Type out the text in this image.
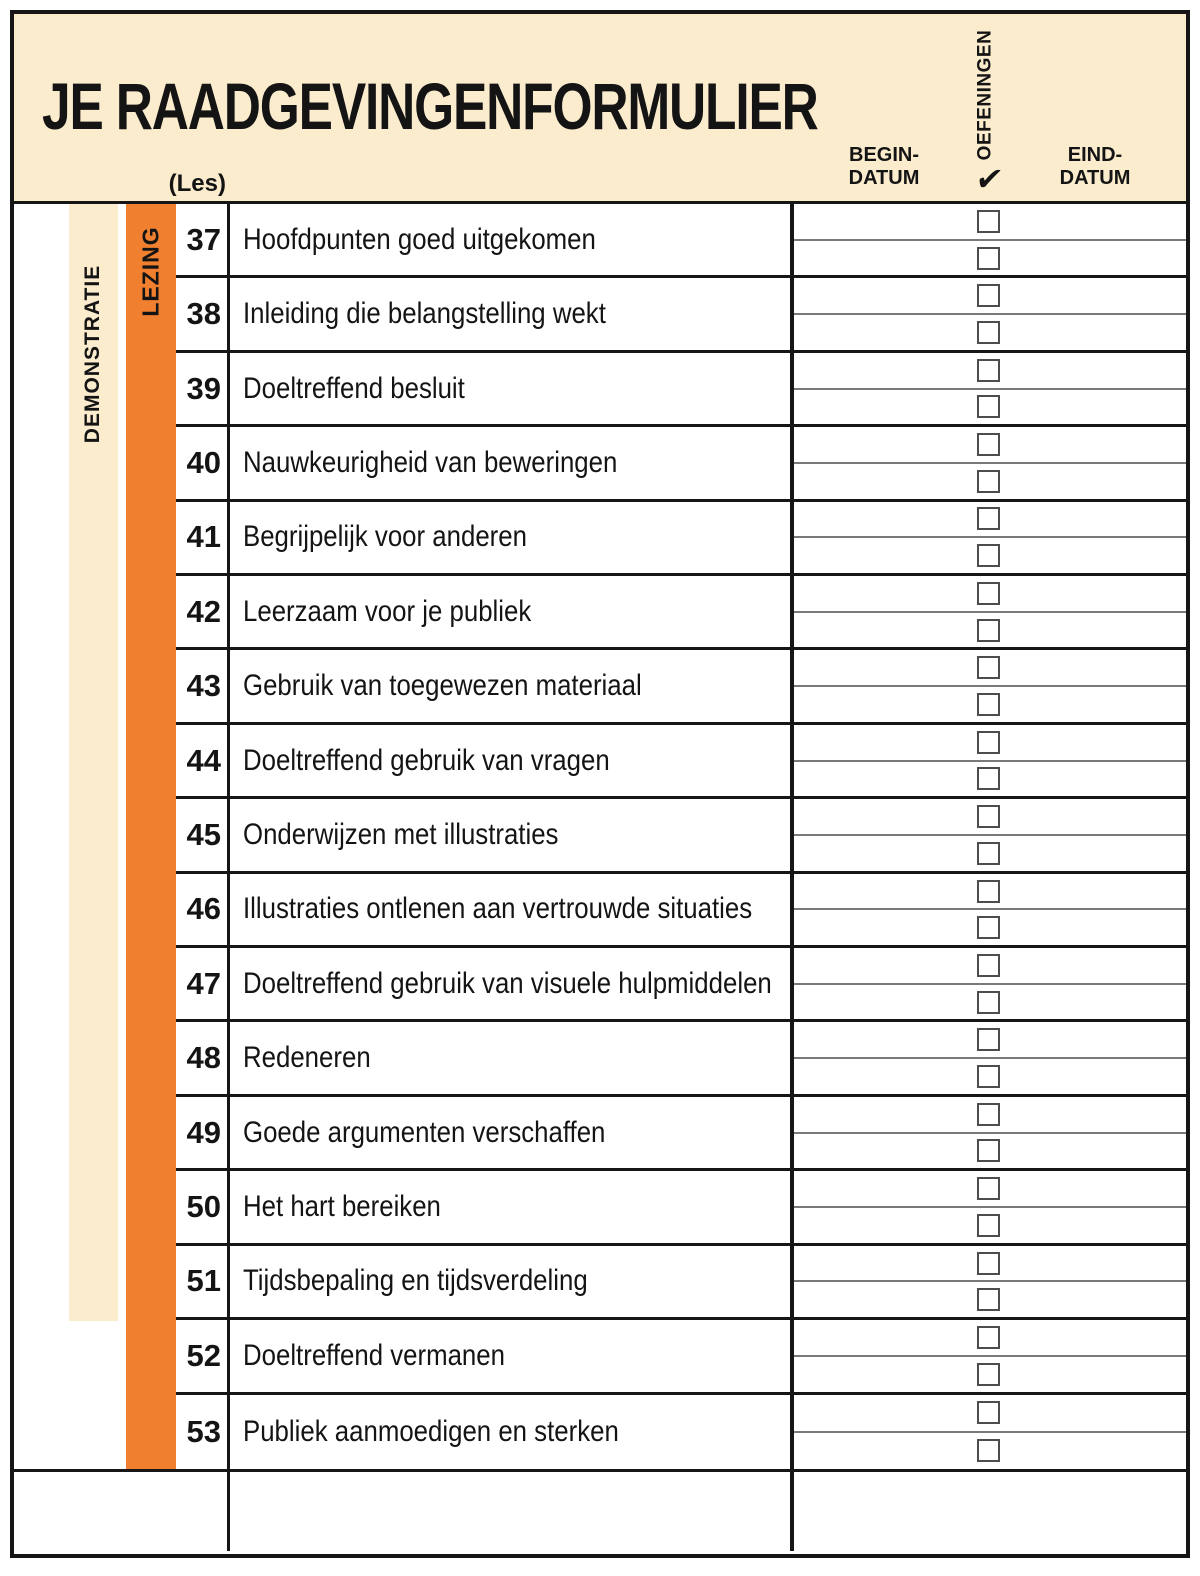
JE RAADGEVINGENFORMULIER
(Les)
BEGIN-
DATUM
OEFENINGEN
✔
EIND-
DATUM
DEMONSTRATIE LEZING 37 Hoofdpunten goed uitgekomen
38 Inleiding die belangstelling wekt
39 Doeltreffend besluit
40 Nauwkeurigheid van beweringen
41 Begrijpelijk voor anderen
42 Leerzaam voor je publiek
43 Gebruik van toegewezen materiaal
44 Doeltreffend gebruik van vragen
45 Onderwijzen met illustraties
46 Illustraties ontlenen aan vertrouwde situaties
47 Doeltreffend gebruik van visuele hulpmiddelen
48 Redeneren
49 Goede argumenten verschaffen
50 Het hart bereiken
51 Tijdsbepaling en tijdsverdeling
52 Doeltreffend vermanen
53 Publiek aanmoedigen en sterken
